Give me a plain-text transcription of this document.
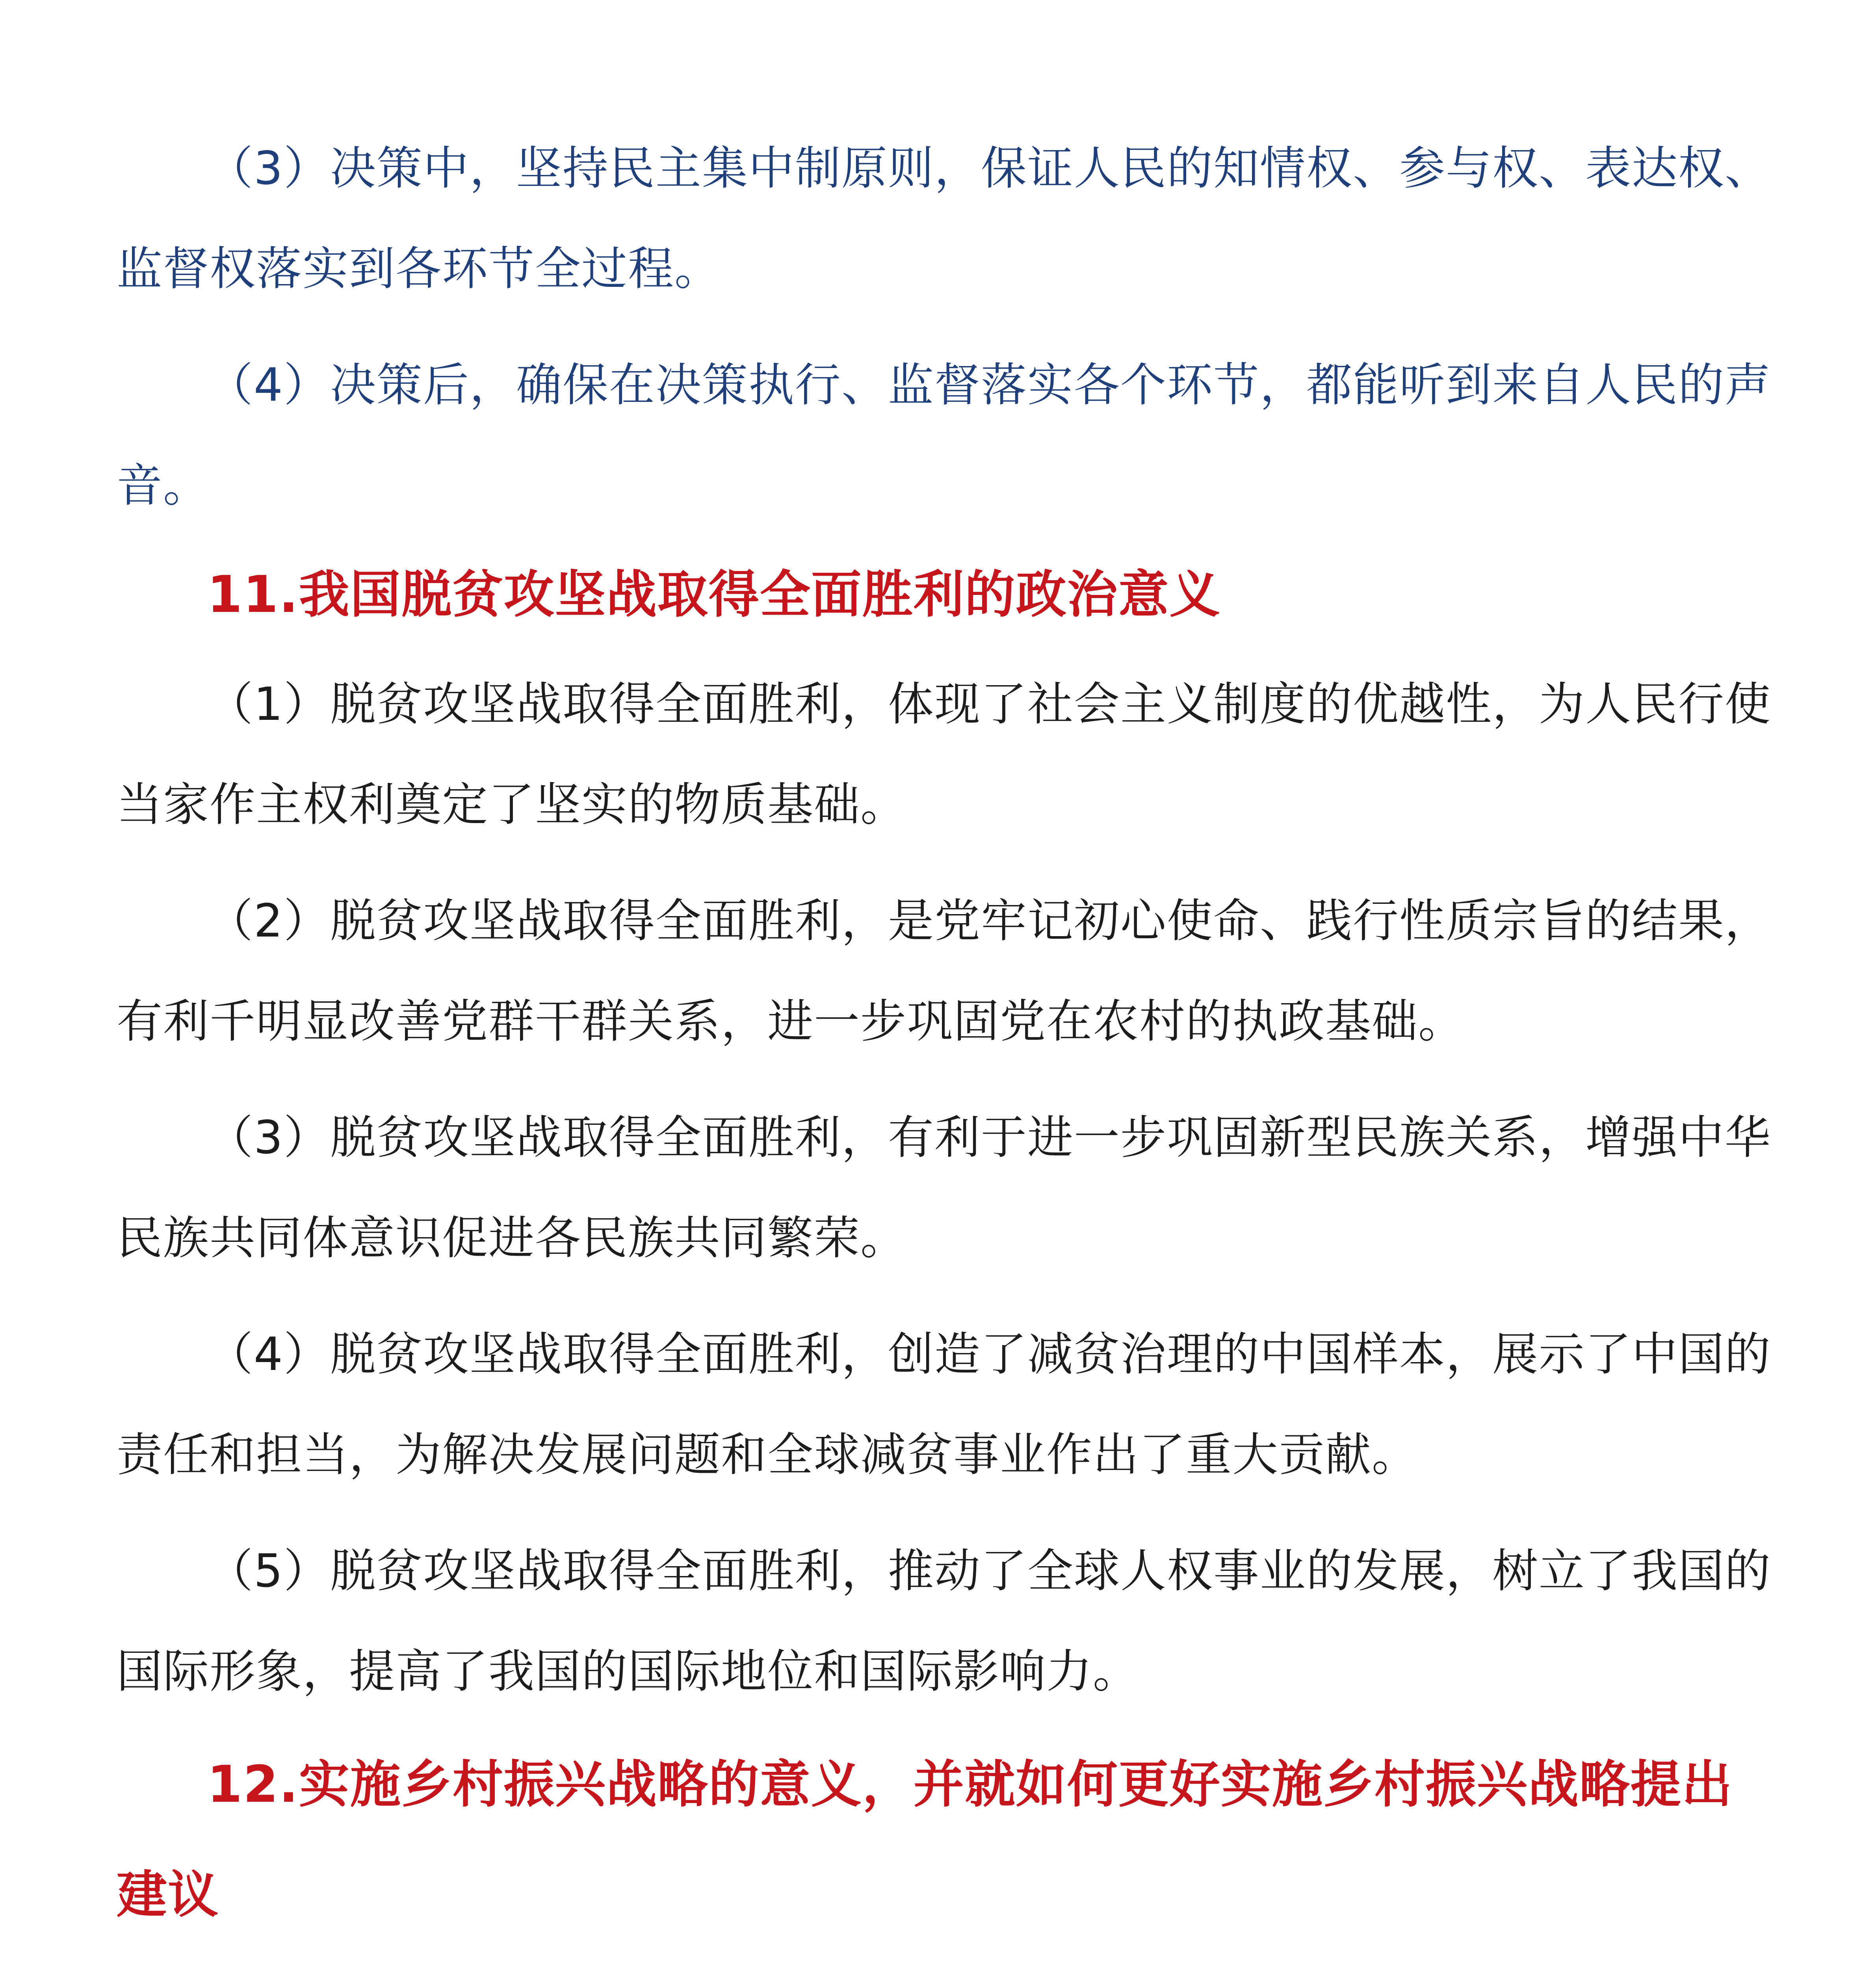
（3）决策中，坚持民主集中制原则，保证人民的知情权、参与权、表达权、监督权落实到各环节全过程。

（4）决策后，确保在决策执行、监督落实各个环节，都能听到来自人民的声音。

11.我国脱贫攻坚战取得全面胜利的政治意义

（1）脱贫攻坚战取得全面胜利，体现了社会主义制度的优越性，为人民行使当家作主权利奠定了坚实的物质基础。

（2）脱贫攻坚战取得全面胜利，是党牢记初心使命、践行性质宗旨的结果，有利千明显改善党群干群关系，进一步巩固党在农村的执政基础。

（3）脱贫攻坚战取得全面胜利，有利于进一步巩固新型民族关系，增强中华民族共同体意识促进各民族共同繁荣。

（4）脱贫攻坚战取得全面胜利，创造了减贫治理的中国样本，展示了中国的责任和担当，为解决发展问题和全球减贫事业作出了重大贡献。

（5）脱贫攻坚战取得全面胜利，推动了全球人权事业的发展，树立了我国的国际形象，提高了我国的国际地位和国际影响力。

12.实施乡村振兴战略的意义，并就如何更好实施乡村振兴战略提出建议
